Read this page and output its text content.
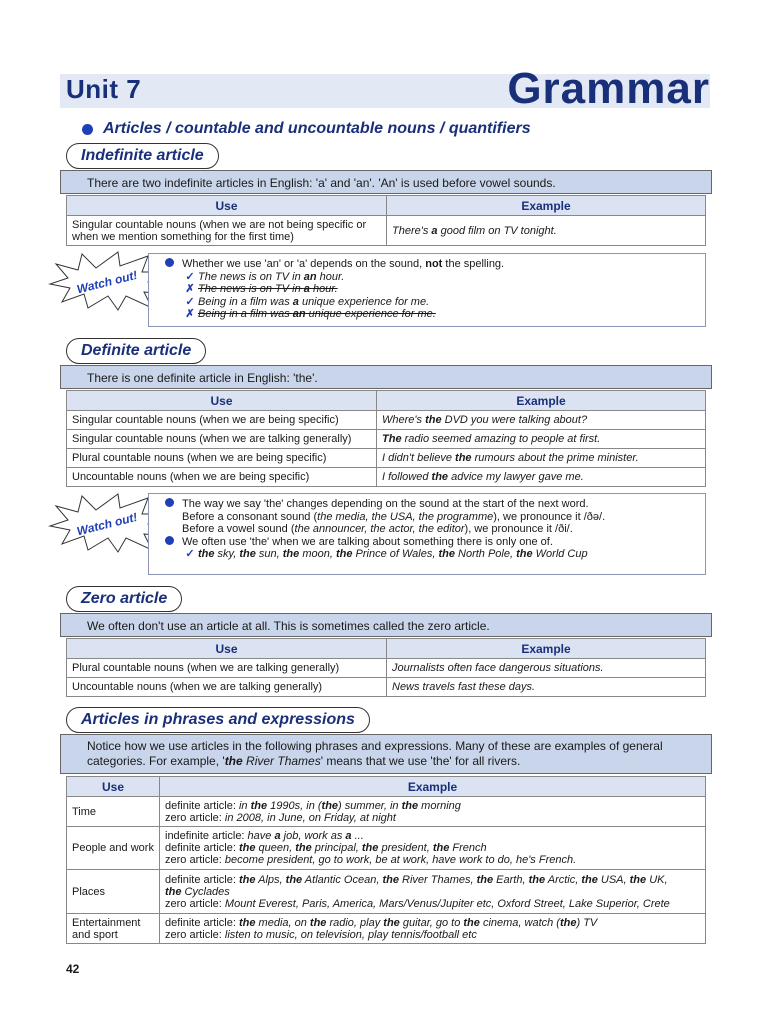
Unit 7	Grammar
Articles / countable and uncountable nouns / quantifiers
Indefinite article
There are two indefinite articles in English: 'a' and 'an'. 'An' is used before vowel sounds.
Use	Example
Singular countable nouns (when we are not being specific or when we mention something for the first time)	There's a good film on TV tonight.
Watch out!
Whether we use 'an' or 'a' depends on the sound, not the spelling.
✓ The news is on TV in an hour.
✗ The news is on TV in a hour.
✓ Being in a film was a unique experience for me.
✗ Being in a film was an unique experience for me.
Definite article
There is one definite article in English: 'the'.
Use	Example
Singular countable nouns (when we are being specific)	Where's the DVD you were talking about?
Singular countable nouns (when we are talking generally)	The radio seemed amazing to people at first.
Plural countable nouns (when we are being specific)	I didn't believe the rumours about the prime minister.
Uncountable nouns (when we are being specific)	I followed the advice my lawyer gave me.
Watch out!
The way we say 'the' changes depending on the sound at the start of the next word.
Before a consonant sound (the media, the USA, the programme), we pronounce it /ðə/.
Before a vowel sound (the announcer, the actor, the editor), we pronounce it /ði/.
We often use 'the' when we are talking about something there is only one of.
✓ the sky, the sun, the moon, the Prince of Wales, the North Pole, the World Cup
Zero article
We often don't use an article at all. This is sometimes called the zero article.
Use	Example
Plural countable nouns (when we are talking generally)	Journalists often face dangerous situations.
Uncountable nouns (when we are talking generally)	News travels fast these days.
Articles in phrases and expressions
Notice how we use articles in the following phrases and expressions. Many of these are examples of general categories. For example, 'the River Thames' means that we use 'the' for all rivers.
Use	Example
Time	definite article: in the 1990s, in (the) summer, in the morning
zero article: in 2008, in June, on Friday, at night

People and work	indefinite article: have a job, work as a ...
definite article: the queen, the principal, the president, the French
zero article: become president, go to work, be at work, have work to do, he's French.

Places	definite article: the Alps, the Atlantic Ocean, the River Thames, the Earth, the Arctic, the USA, the UK,
the Cyclades
zero article: Mount Everest, Paris, America, Mars/Venus/Jupiter etc, Oxford Street, Lake Superior, Crete

Entertainment and sport	definite article: the media, on the radio, play the guitar, go to the cinema, watch (the) TV
zero article: listen to music, on television, play tennis/football etc
42
